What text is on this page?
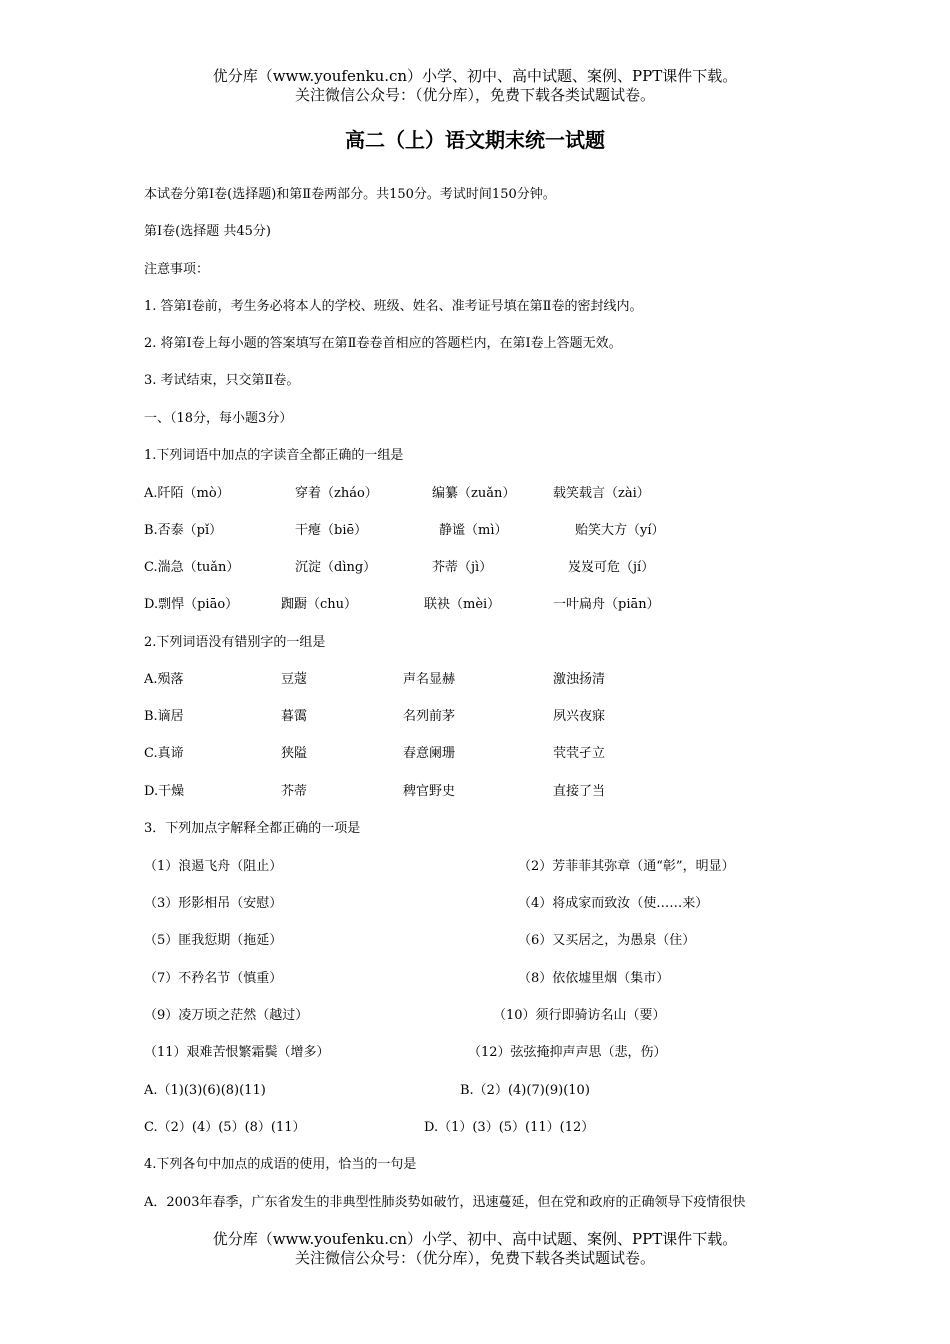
优分库（www.youfenku.cn）小学、初中、高中试题、案例、PPT课件下载。
关注微信公众号：（优分库），免费下载各类试题试卷。
高二（上）语文期末统一试题
本试卷分第Ⅰ卷(选择题)和第Ⅱ卷两部分。共150分。考试时间150分钟。
第Ⅰ卷(选择题 共45分)
注意事项：
1. 答第Ⅰ卷前，考生务必将本人的学校、班级、姓名、准考证号填在第Ⅱ卷的密封线内。
2. 将第Ⅰ卷上每小题的答案填写在第Ⅱ卷卷首相应的答题栏内，在第Ⅰ卷上答题无效。
3. 考试结束，只交第Ⅱ卷。
一、（18分，每小题3分）
1.下列词语中加点的字读音全都正确的一组是
A.阡陌（mò）	穿着（zháo）	编纂（zuǎn）	载笑载言（zài）
B.否泰（pǐ）	干瘪（biē）	静谧（mì）	贻笑大方（yí）
C.湍急（tuǎn）	沉淀（dìng）	芥蒂（jì）	岌岌可危（jí）
D.剽悍（piāo）	踟蹰（chu）	联袂（mèi）	一叶扁舟（piān）
2.下列词语没有错别字的一组是
A.殒落	豆蔻	声名显赫	激浊扬清
B.谪居	暮霭	名列前茅	夙兴夜寐
C.真谛	狭隘	春意阑珊	茕茕孑立
D.干燥	芥蒂	稗官野史	直接了当
3．下列加点字解释全都正确的一项是
（1）浪遏飞舟（阻止）	（2）芳菲菲其弥章（通“彰”，明显）
（3）形影相吊（安慰）	（4）将成家而致汝（使……来）
（5）匪我愆期（拖延）	（6）又买居之，为愚泉（住）
（7）不矜名节（慎重）	（8）依依墟里烟（集市）
（9）凌万顷之茫然（越过）	（10）须行即骑访名山（要）
（11）艰难苦恨繁霜鬓（增多）	（12）弦弦掩抑声声思（悲，伤）
A.（1)(3)(6)(8)(11)	B.（2）(4)(7)(9)(10)
C.（2）(4）(5）(8）(11）	D.（1）(3）(5）(11）(12）
4.下列各句中加点的成语的使用，恰当的一句是
A．2003年春季，广东省发生的非典型性肺炎势如破竹，迅速蔓延，但在党和政府的正确领导下疫情很快
优分库（www.youfenku.cn）小学、初中、高中试题、案例、PPT课件下载。
关注微信公众号：（优分库），免费下载各类试题试卷。
